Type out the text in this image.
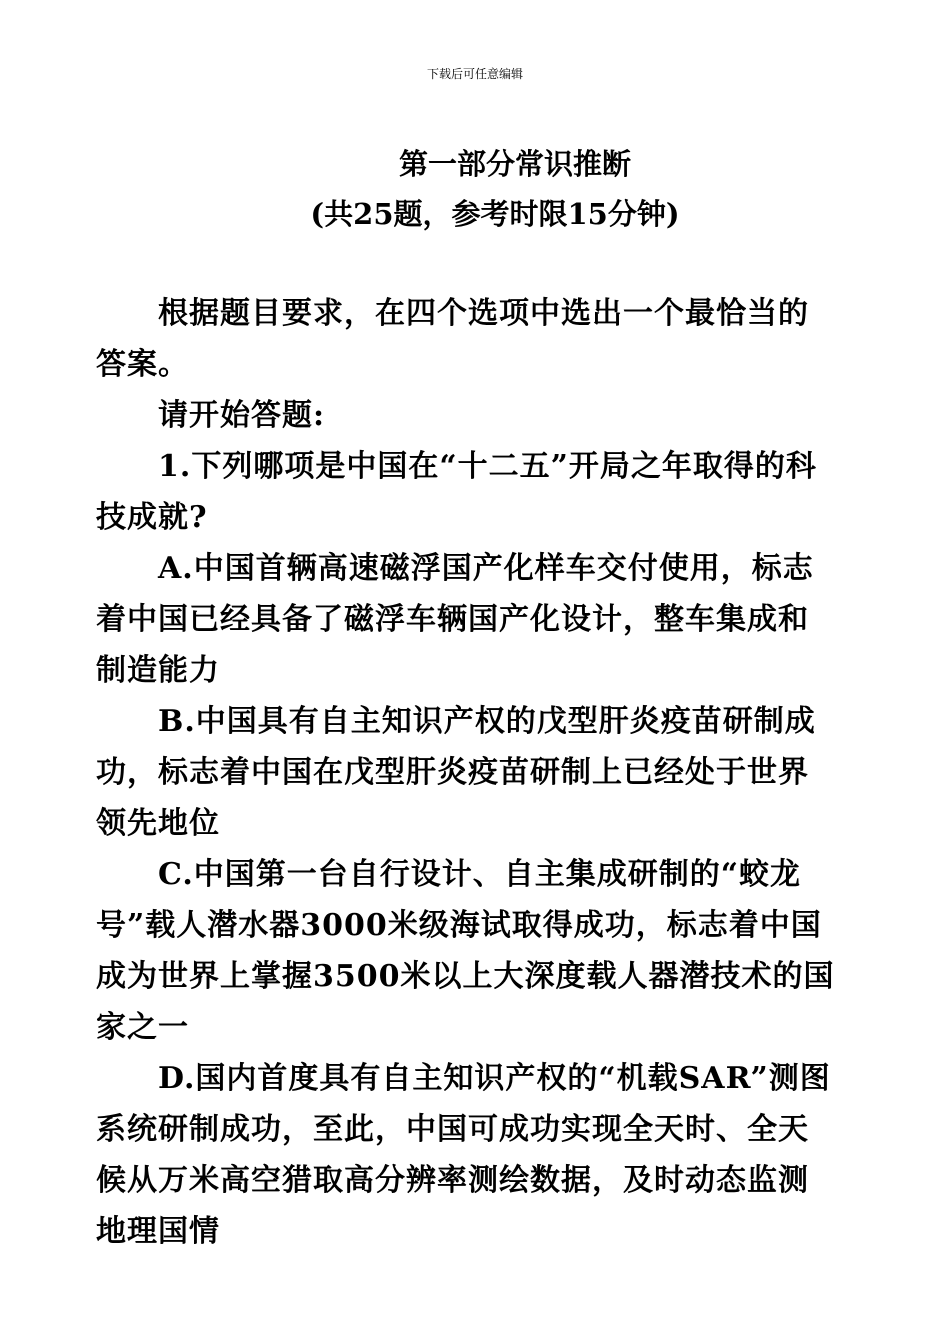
下载后可任意编辑
第一部分常识推断
(共25题，参考时限15分钟)

根据题目要求，在四个选项中选出一个最恰当的答案。

请开始答题:

1.下列哪项是中国在“十二五”开局之年取得的科技成就?

A.中国首辆高速磁浮国产化样车交付使用，标志着中国已经具备了磁浮车辆国产化设计，整车集成和制造能力

B.中国具有自主知识产权的戊型肝炎疫苗研制成功，标志着中国在戊型肝炎疫苗研制上已经处于世界领先地位

C.中国第一台自行设计、自主集成研制的“蛟龙号”载人潜水器3000米级海试取得成功，标志着中国成为世界上掌握3500米以上大深度载人器潜技术的国家之一

D.国内首度具有自主知识产权的“机载SAR”测图系统研制成功，至此，中国可成功实现全天时、全天候从万米高空猎取高分辨率测绘数据，及时动态监测地理国情
